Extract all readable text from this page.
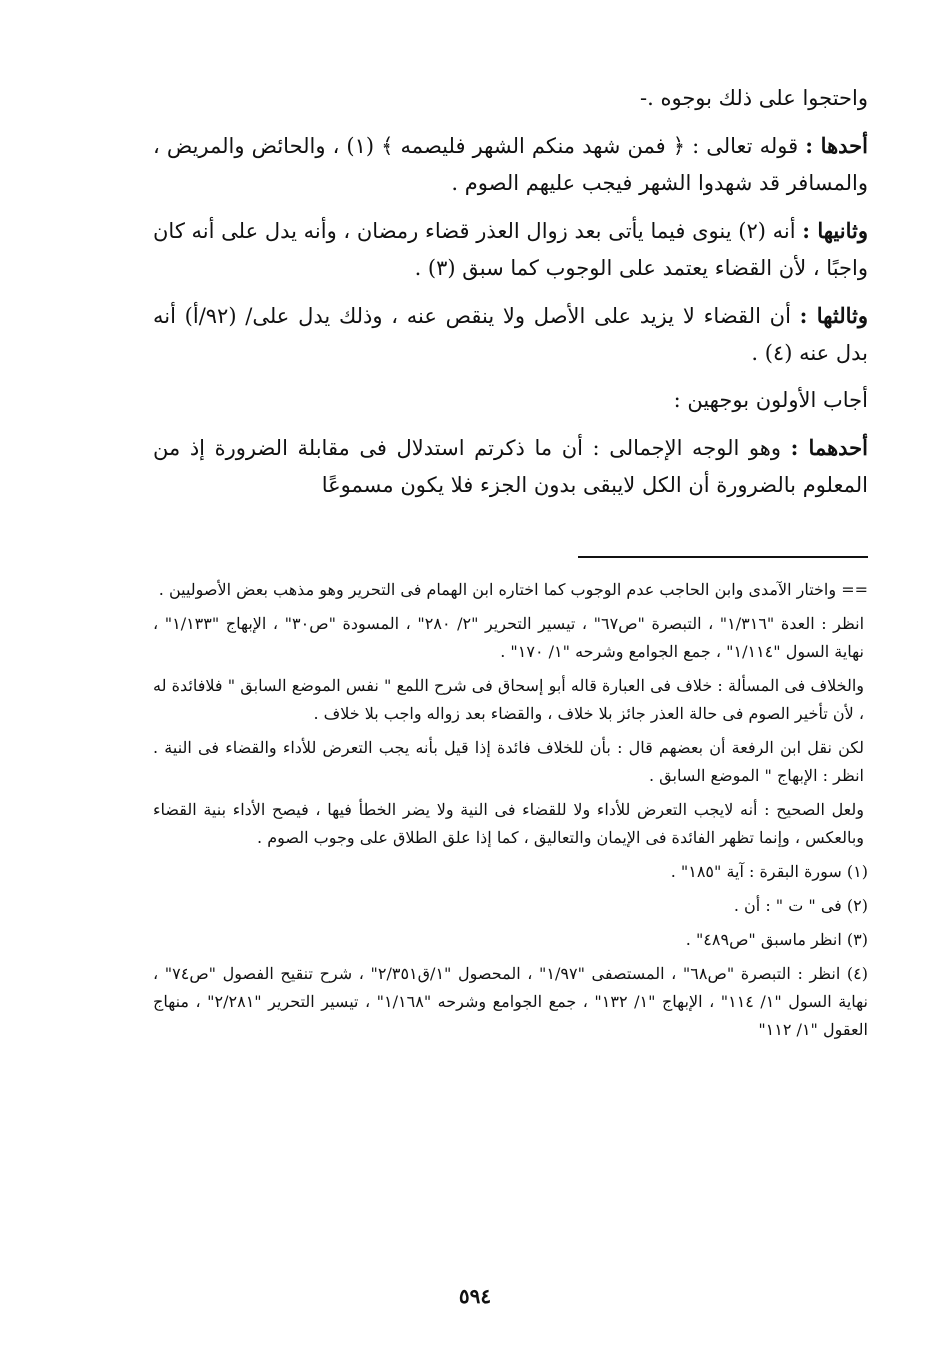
واحتجوا على ذلك بوجوه .-

أحدها : قوله تعالى : ﴿ فمن شهد منكم الشهر فليصمه ﴾ (١) ، والحائض والمريض ، والمسافر قد شهدوا الشهر فيجب عليهم الصوم .

وثانيها : أنه (٢) ينوى فيما يأتى بعد زوال العذر قضاء رمضان ، وأنه يدل على أنه كان واجبًا ، لأن القضاء يعتمد على الوجوب كما سبق (٣) .

وثالثها : أن القضاء لا يزيد على الأصل ولا ينقص عنه ، وذلك يدل على/ (٩٢/أ) أنه بدل عنه (٤) .

أجاب الأولون بوجهين :

أحدهما : وهو الوجه الإجمالى : أن ما ذكرتم استدلال فى مقابلة الضرورة إذ من المعلوم بالضرورة أن الكل لايبقى بدون الجزء فلا يكون مسموعًا

== واختار الآمدى وابن الحاجب عدم الوجوب كما اختاره ابن الهمام فى التحرير وهو مذهب بعض الأصوليين .

انظر : العدة "١/٣١٦" ، التبصرة "ص٦٧" ، تيسير التحرير "٢/ ٢٨٠" ، المسودة "ص٣٠" ، الإبهاج "١/١٣٣" ، نهاية السول "١/١١٤" ، جمع الجوامع وشرحه "١/ ١٧٠" .

والخلاف فى المسألة : خلاف فى العبارة قاله أبو إسحاق فى شرح اللمع " نفس الموضع السابق " فلافائدة له ، لأن تأخير الصوم فى حالة العذر جائز بلا خلاف ، والقضاء بعد زواله واجب بلا خلاف .

لكن نقل ابن الرفعة أن بعضهم قال : بأن للخلاف فائدة إذا قيل بأنه يجب التعرض للأداء والقضاء فى النية . انظر : الإبهاج " الموضع السابق .

ولعل الصحيح : أنه لايجب التعرض للأداء ولا للقضاء فى النية ولا يضر الخطأ فيها ، فيصح الأداء بنية القضاء وبالعكس ، وإنما تظهر الفائدة فى الإيمان والتعاليق ، كما إذا علق الطلاق على وجوب الصوم .

(١) سورة البقرة : آية "١٨٥" .

(٢) فى " ت " : أن .

(٣) انظر ماسبق "ص٤٨٩" .

(٤) انظر : التبصرة "ص٦٨" ، المستصفى "١/٩٧" ، المحصول "١/ق٢/٣٥١" ، شرح تنقيح الفصول "ص٧٤" ، نهاية السول "١/ ١١٤" ، الإبهاج "١/ ١٣٢" ، جمع الجوامع وشرحه "١/١٦٨" ، تيسير التحرير "٢/٢٨١" ، منهاج العقول "١/ ١١٢"

٥٩٤
